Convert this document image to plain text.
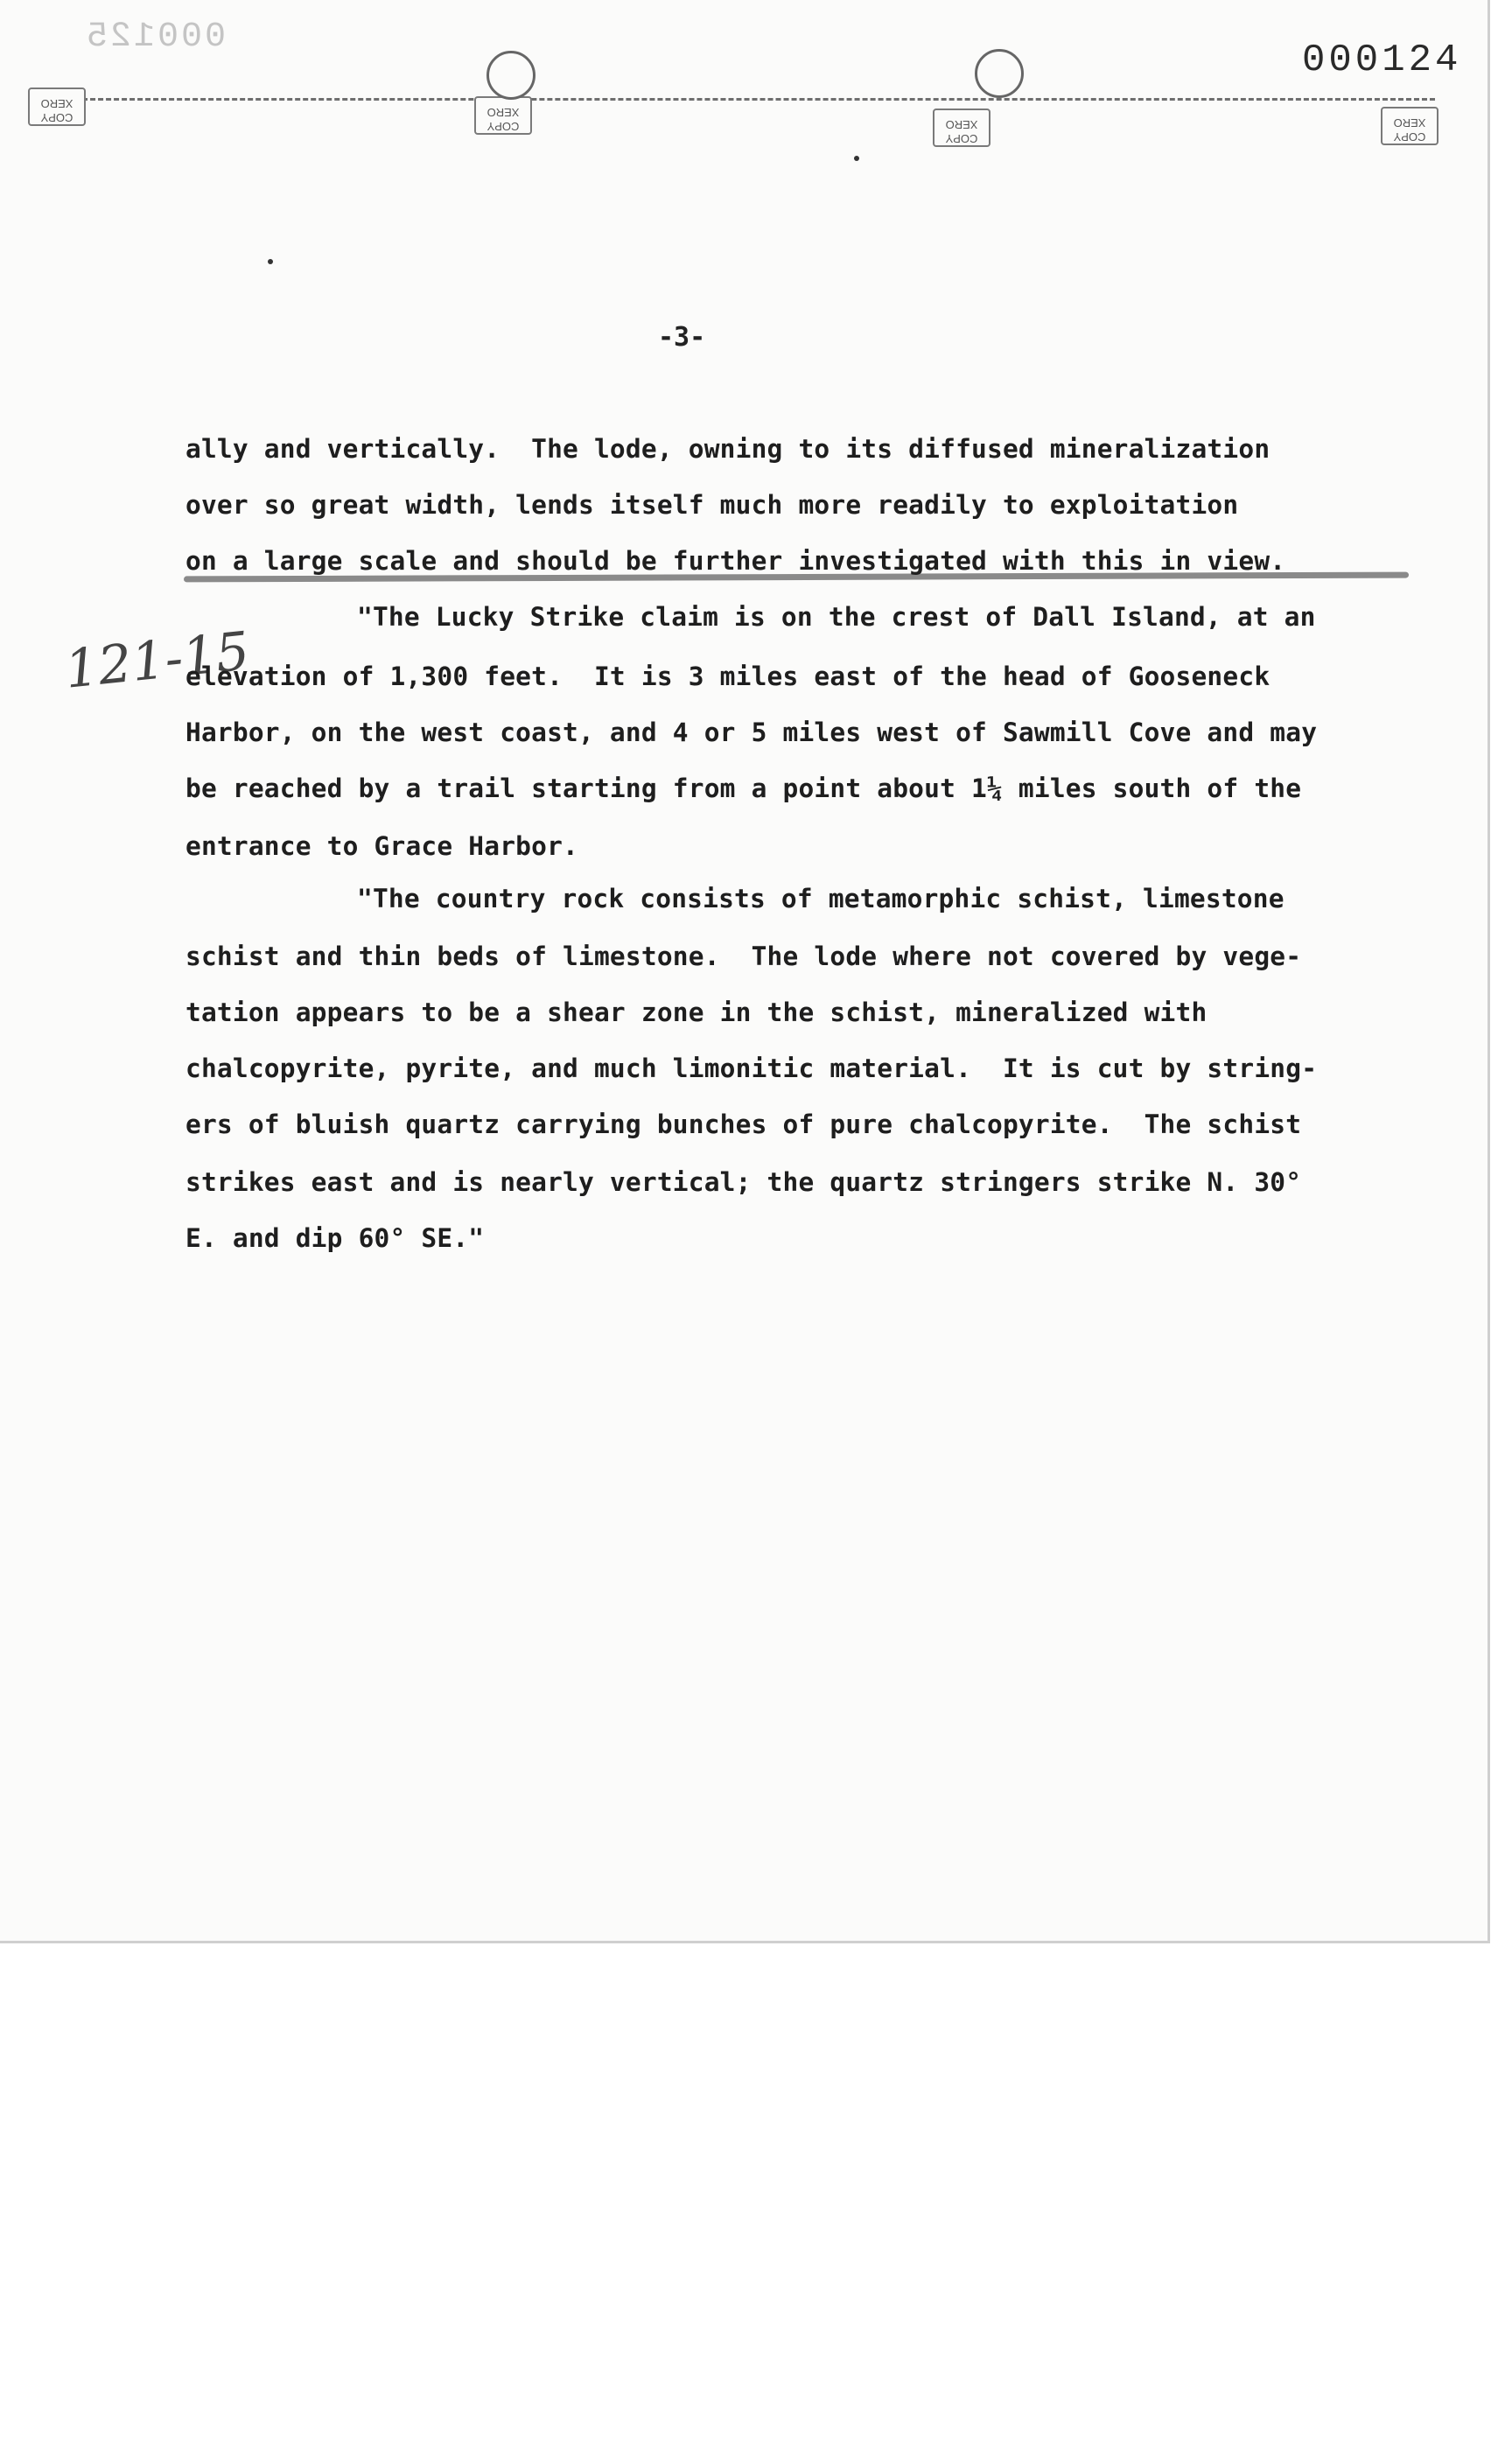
000125
000124
COPY
XERO
COPY
XERO
COPY
XERO
COPY
XERO
-3-
121-15
ally and vertically.  The lode, owning to its diffused mineralization
over so great width, lends itself much more readily to exploitation
on a large scale and should be further investigated with this in view.
"The Lucky Strike claim is on the crest of Dall Island, at an
elevation of 1,300 feet.  It is 3 miles east of the head of Gooseneck
Harbor, on the west coast, and 4 or 5 miles west of Sawmill Cove and may
be reached by a trail starting from a point about 1¼ miles south of the
entrance to Grace Harbor.
"The country rock consists of metamorphic schist, limestone
schist and thin beds of limestone.  The lode where not covered by vege-
tation appears to be a shear zone in the schist, mineralized with
chalcopyrite, pyrite, and much limonitic material.  It is cut by string-
ers of bluish quartz carrying bunches of pure chalcopyrite.  The schist
strikes east and is nearly vertical; the quartz stringers strike N. 30°
E. and dip 60° SE."
